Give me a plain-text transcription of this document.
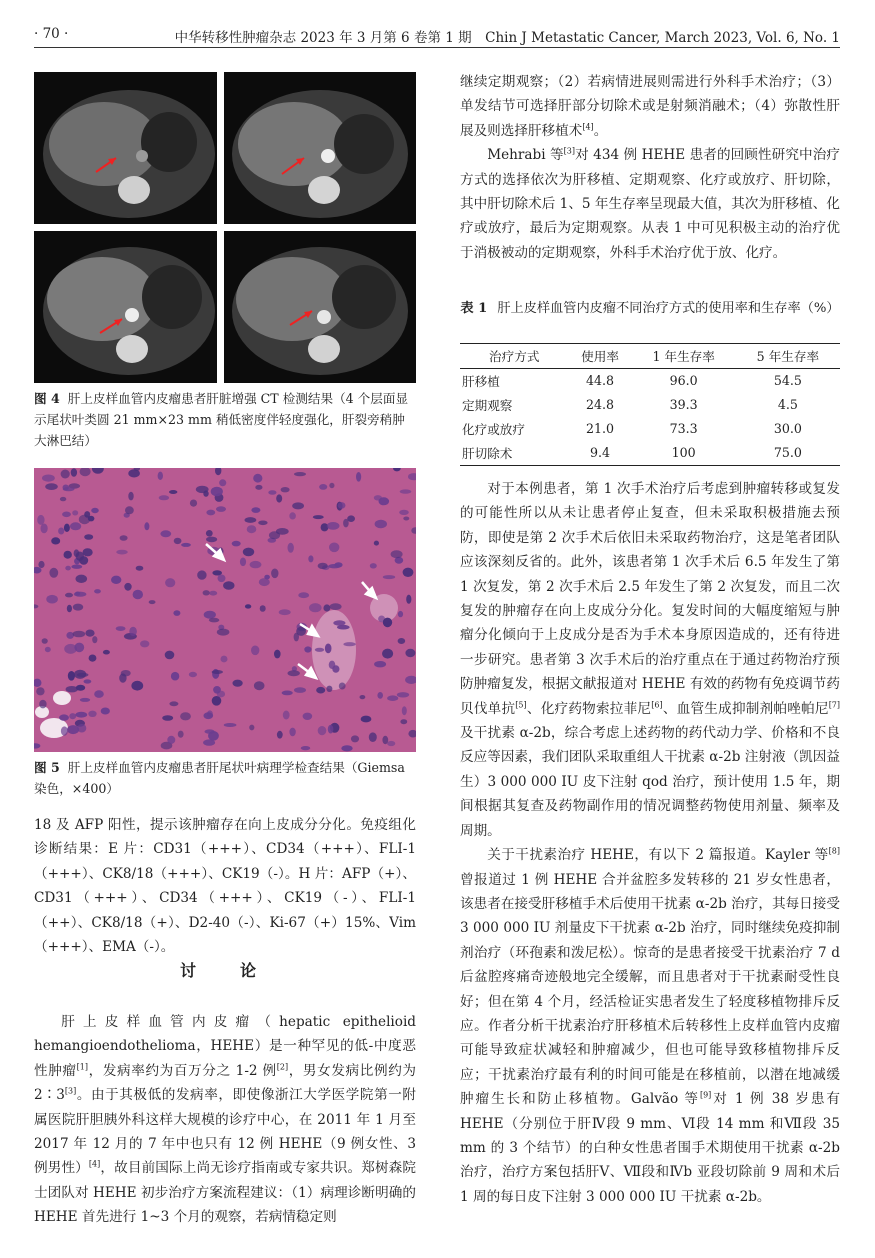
· 70 ·	中华转移性肿瘤杂志 2023 年 3 月第 6 卷第 1 期　Chin J Metastatic Cancer, March 2023, Vol. 6, No. 1
图 4 肝上皮样血管内皮瘤患者肝脏增强 CT 检测结果（4 个层面显示尾状叶类圆 21 mm×23 mm 稍低密度伴轻度强化，肝裂旁稍肿大淋巴结）
图 5 肝上皮样血管内皮瘤患者肝尾状叶病理学检查结果（Giemsa 染色，×400）

18 及 AFP 阳性，提示该肿瘤存在向上皮成分分化。免疫组化诊断结果：E 片：CD31（+++）、CD34（+++）、FLI-1（+++）、CK8/18（+++）、CK19（-）。H 片：AFP（+）、CD31（+++）、CD34（+++）、CK19（-）、FLI-1（++）、CK8/18（+）、D2-40（-）、Ki-67（+）15%、Vim（+++）、EMA（-）。

讨　论

肝上皮样血管内皮瘤（hepatic epithelioid hemangioendothelioma，HEHE）是一种罕见的低-中度恶性肿瘤[1]，发病率约为百万分之 1-2 例[2]，男女发病比例约为 2∶3[3]。由于其极低的发病率，即使像浙江大学医学院第一附属医院肝胆胰外科这样大规模的诊疗中心，在 2011 年 1 月至 2017 年 12 月的 7 年中也只有 12 例 HEHE（9 例女性、3 例男性）[4]，故目前国际上尚无诊疗指南或专家共识。郑树森院士团队对 HEHE 初步治疗方案流程建议：（1）病理诊断明确的 HEHE 首先进行 1~3 个月的观察，若病情稳定则

继续定期观察；（2）若病情进展则需进行外科手术治疗；（3）单发结节可选择肝部分切除术或是射频消融术；（4）弥散性肝展及则选择肝移植术[4]。

Mehrabi 等[3]对 434 例 HEHE 患者的回顾性研究中治疗方式的选择依次为肝移植、定期观察、化疗或放疗、肝切除，其中肝切除术后 1、5 年生存率呈现最大值，其次为肝移植、化疗或放疗，最后为定期观察。从表 1 中可见积极主动的治疗优于消极被动的定期观察，外科手术治疗优于放、化疗。

表 1 肝上皮样血管内皮瘤不同治疗方式的使用率和生存率（%）
治疗方式	使用率	1 年生存率	5 年生存率
肝移植	44.8	96.0	54.5
定期观察	24.8	39.3	4.5
化疗或放疗	21.0	73.3	30.0
肝切除术	9.4	100	75.0

对于本例患者，第 1 次手术治疗后考虑到肿瘤转移或复发的可能性所以从未让患者停止复查，但未采取积极措施去预防，即使是第 2 次手术后依旧未采取药物治疗，这是笔者团队应该深刻反省的。此外，该患者第 1 次手术后 6.5 年发生了第 1 次复发，第 2 次手术后 2.5 年发生了第 2 次复发，而且二次复发的肿瘤存在向上皮成分分化。复发时间的大幅度缩短与肿瘤分化倾向于上皮成分是否为手术本身原因造成的，还有待进一步研究。患者第 3 次手术后的治疗重点在于通过药物治疗预防肿瘤复发，根据文献报道对 HEHE 有效的药物有免疫调节药贝伐单抗[5]、化疗药物索拉菲尼[6]、血管生成抑制剂帕唑帕尼[7]及干扰素 α-2b，综合考虑上述药物的药代动力学、价格和不良反应等因素，我们团队采取重组人干扰素 α-2b 注射液（凯因益生）3 000 000 IU 皮下注射 qod 治疗，预计使用 1.5 年，期间根据其复查及药物副作用的情况调整药物使用剂量、频率及周期。

关于干扰素治疗 HEHE，有以下 2 篇报道。Kayler 等[8]曾报道过 1 例 HEHE 合并盆腔多发转移的 21 岁女性患者，该患者在接受肝移植手术后使用干扰素 α-2b 治疗，其每日接受 3 000 000 IU 剂量皮下干扰素 α-2b 治疗，同时继续免疫抑制剂治疗（环孢素和泼尼松）。惊奇的是患者接受干扰素治疗 7 d 后盆腔疼痛奇迹般地完全缓解，而且患者对于干扰素耐受性良好；但在第 4 个月，经活检证实患者发生了轻度移植物排斥反应。作者分析干扰素治疗肝移植术后转移性上皮样血管内皮瘤可能导致症状减轻和肿瘤减少，但也可能导致移植物排斥反应；干扰素治疗最有利的时间可能是在移植前，以潜在地减缓肿瘤生长和防止移植物。Galvão 等[9]对 1 例 38 岁患有 HEHE（分别位于肝Ⅳ段 9 mm、Ⅵ段 14 mm 和Ⅶ段 35 mm 的 3 个结节）的白种女性患者围手术期使用干扰素 α-2b 治疗，治疗方案包括肝Ⅴ、Ⅶ段和Ⅳb 亚段切除前 9 周和术后 1 周的每日皮下注射 3 000 000 IU 干扰素 α-2b。
